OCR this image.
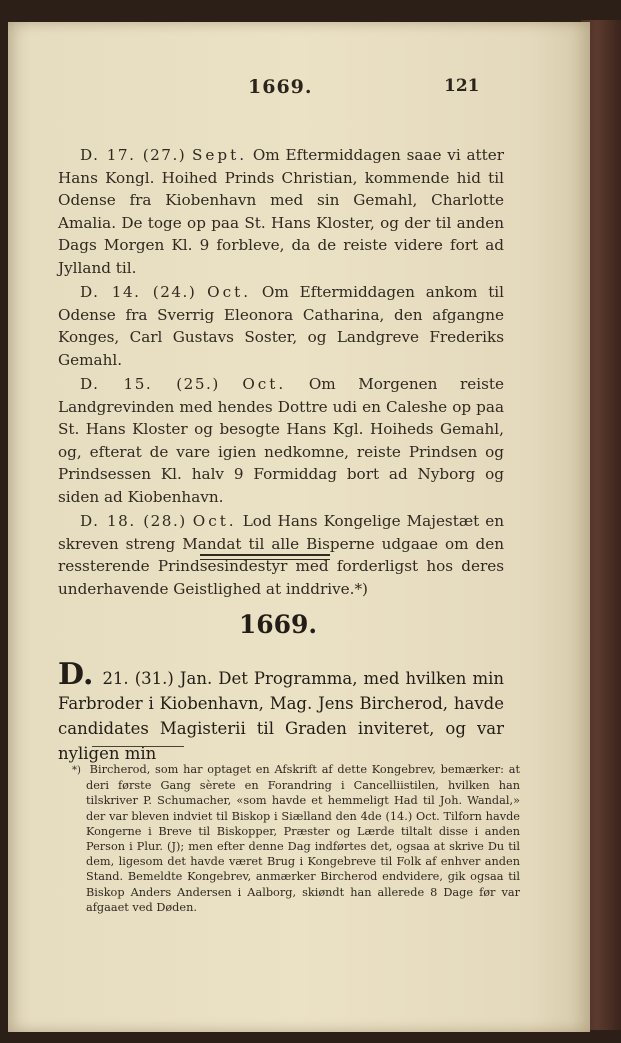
1669.	121

D. 17. (27.) Sept. Om Eftermiddagen saae vi atter Hans Kongl. Hoihed Prinds Christian, kommende hid til Odense fra Kiobenhavn med sin Gemahl, Charlotte Amalia. De toge op paa St. Hans Kloster, og der til anden Dags Morgen Kl. 9 forblevе, da de reiste videre fort ad Jylland til.

D. 14. (24.) Oct. Om Eftermiddagen ankom til Odense fra Sverrig Eleonora Catharina, den afgangne Konges, Carl Gustavs Soster, og Landgreve Frederiks Gemahl.

D. 15. (25.) Oct. Om Morgenen reiste Landgrevinden med hendes Dottre udi en Caleshe op paa St. Hans Kloster og besogte Hans Kgl. Hoiheds Gemahl, og, efterat de vare igien nedkomne, reiste Prindsen og Prindsessen Kl. halv 9 Formiddag bort ad Nyborg og siden ad Kiobenhavn.

D. 18. (28.) Oct. Lod Hans Kongelige Majestæt en skreven streng Mandat til alle Bisperne udgaae om den ressterende Prindsesindestyr med forderligst hos deres underhavende Geistlighed at inddrive.*)

1669.

D. 21. (31.) Jan. Det Programma, med hvilken min Farbroder i Kiobenhavn, Mag. Jens Bircherod, havde candidates Magisterii til Graden inviteret, og var nyligen min

*) Bircherod, som har optaget en Afskrift af dette Kongebrev, bemærker: at deri første Gang sèrete en Forandring i Cancelliistilen, hvilken han tilskriver P. Schumacher, «som havde et hemmeligt Had til Joh. Wandal,» der var bleven indviet til Biskop i Siælland den 4de (14.) Oct. Tilforn havde Kongerne i Breve til Biskopper, Præster og Lærde tiltalt disse i anden Person i Plur. (J); men efter denne Dag indførtes det, ogsaa at skrive Du til dem, ligesom det havde været Brug i Kongebreve til Folk af enhver anden Stand. Bemeldte Kongebrev, anmærker Bircherod endvidere, gik ogsaa til Biskop Anders Andersen i Aalborg, skiøndt han allerede 8 Dage før var afgaaet ved Døden.
